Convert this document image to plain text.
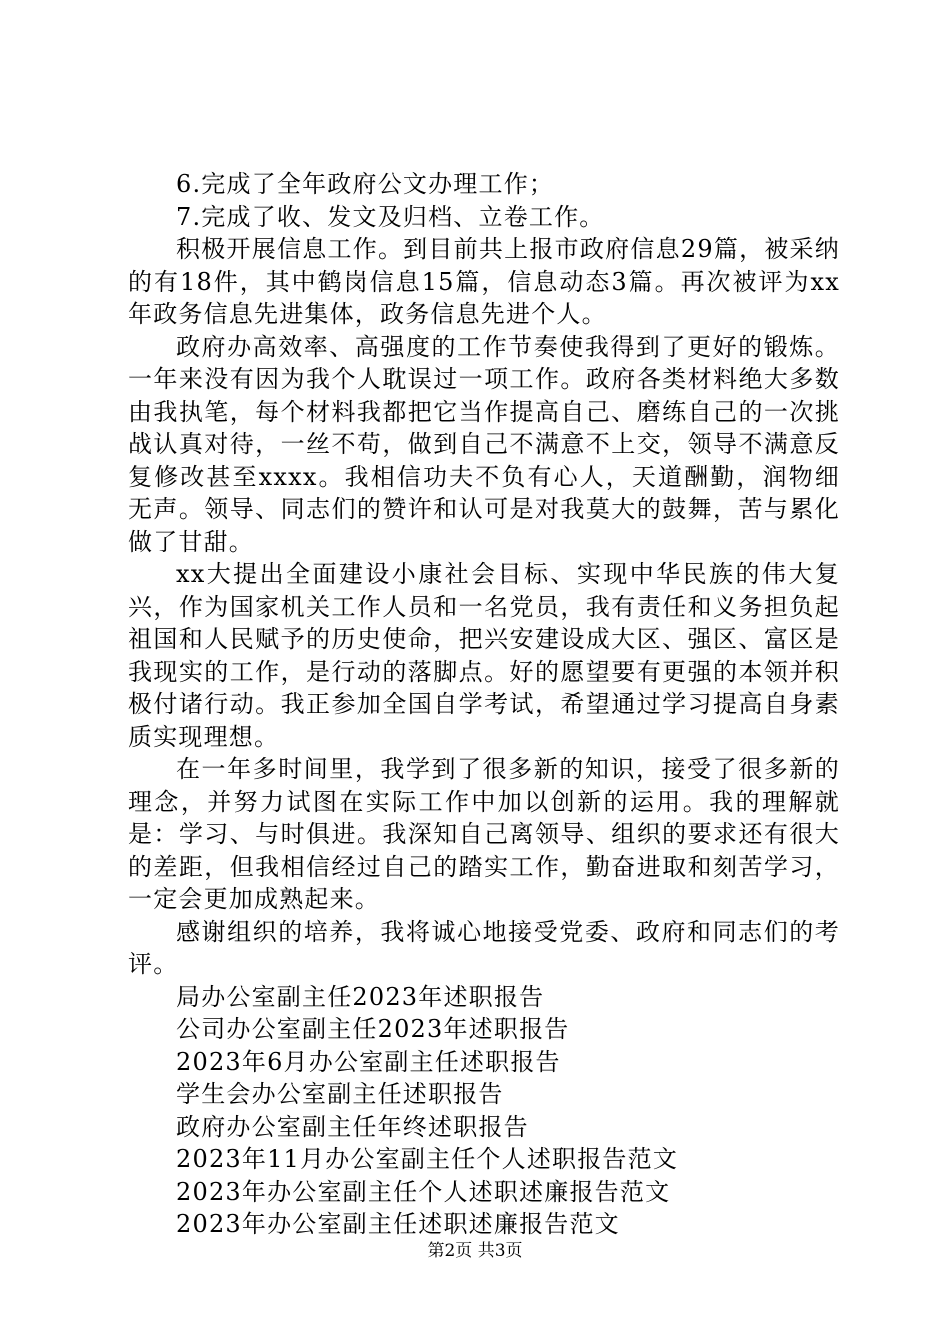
6.完成了全年政府公文办理工作；

7.完成了收、发文及归档、立卷工作。

积极开展信息工作。到目前共上报市政府信息29篇，被采纳的有18件，其中鹤岗信息15篇，信息动态3篇。再次被评为xx年政务信息先进集体，政务信息先进个人。

政府办高效率、高强度的工作节奏使我得到了更好的锻炼。一年来没有因为我个人耽误过一项工作。政府各类材料绝大多数由我执笔，每个材料我都把它当作提高自己、磨练自己的一次挑战认真对待，一丝不苟，做到自己不满意不上交，领导不满意反复修改甚至xxxx。我相信功夫不负有心人，天道酬勤，润物细无声。领导、同志们的赞许和认可是对我莫大的鼓舞，苦与累化做了甘甜。

xx大提出全面建设小康社会目标、实现中华民族的伟大复兴，作为国家机关工作人员和一名党员，我有责任和义务担负起祖国和人民赋予的历史使命，把兴安建设成大区、强区、富区是我现实的工作，是行动的落脚点。好的愿望要有更强的本领并积极付诸行动。我正参加全国自学考试，希望通过学习提高自身素质实现理想。

在一年多时间里，我学到了很多新的知识，接受了很多新的理念，并努力试图在实际工作中加以创新的运用。我的理解就是：学习、与时俱进。我深知自己离领导、组织的要求还有很大的差距，但我相信经过自己的踏实工作，勤奋进取和刻苦学习，一定会更加成熟起来。

感谢组织的培养，我将诚心地接受党委、政府和同志们的考评。

局办公室副主任2023年述职报告

公司办公室副主任2023年述职报告

2023年6月办公室副主任述职报告

学生会办公室副主任述职报告

政府办公室副主任年终述职报告

2023年11月办公室副主任个人述职报告范文

2023年办公室副主任个人述职述廉报告范文

2023年办公室副主任述职述廉报告范文

第2页 共3页
